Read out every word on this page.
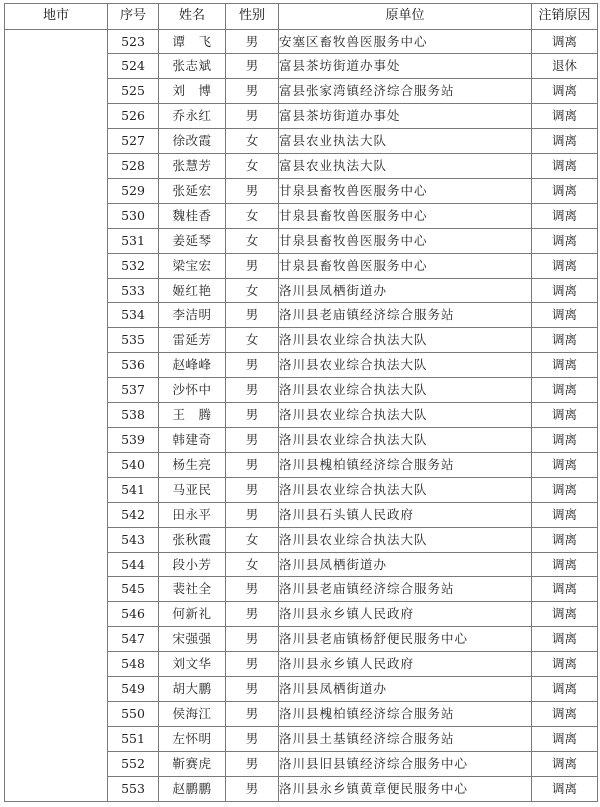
地市	序号	姓名	性别	原单位	注销原因
	523	谭　飞	男	安塞区畜牧兽医服务中心	调离
	524	张志斌	男	富县茶坊街道办事处	退休
	525	刘　博	男	富县张家湾镇经济综合服务站	调离
	526	乔永红	男	富县茶坊街道办事处	调离
	527	徐改霞	女	富县农业执法大队	调离
	528	张慧芳	女	富县农业执法大队	调离
	529	张延宏	男	甘泉县畜牧兽医服务中心	调离
	530	魏桂香	女	甘泉县畜牧兽医服务中心	调离
	531	姜延琴	女	甘泉县畜牧兽医服务中心	调离
	532	梁宝宏	男	甘泉县畜牧兽医服务中心	调离
	533	姬红艳	女	洛川县凤栖街道办	调离
	534	李洁明	男	洛川县老庙镇经济综合服务站	调离
	535	雷延芳	女	洛川县农业综合执法大队	调离
	536	赵峰峰	男	洛川县农业综合执法大队	调离
	537	沙怀中	男	洛川县农业综合执法大队	调离
	538	王　腾	男	洛川县农业综合执法大队	调离
	539	韩建奇	男	洛川县农业综合执法大队	调离
	540	杨生亮	男	洛川县槐柏镇经济综合服务站	调离
	541	马亚民	男	洛川县农业综合执法大队	调离
	542	田永平	男	洛川县石头镇人民政府	调离
	543	张秋霞	女	洛川县农业综合执法大队	调离
	544	段小芳	女	洛川县凤栖街道办	调离
	545	裴社全	男	洛川县老庙镇经济综合服务站	调离
	546	何新礼	男	洛川县永乡镇人民政府	调离
	547	宋强强	男	洛川县老庙镇杨舒便民服务中心	调离
	548	刘文华	男	洛川县永乡镇人民政府	调离
	549	胡大鹏	男	洛川县凤栖街道办	调离
	550	侯海江	男	洛川县槐柏镇经济综合服务站	调离
	551	左怀明	男	洛川县土基镇经济综合服务站	调离
	552	靳赛虎	男	洛川县旧县镇经济综合服务中心	调离
	553	赵鹏鹏	男	洛川县永乡镇黄章便民服务中心	调离
